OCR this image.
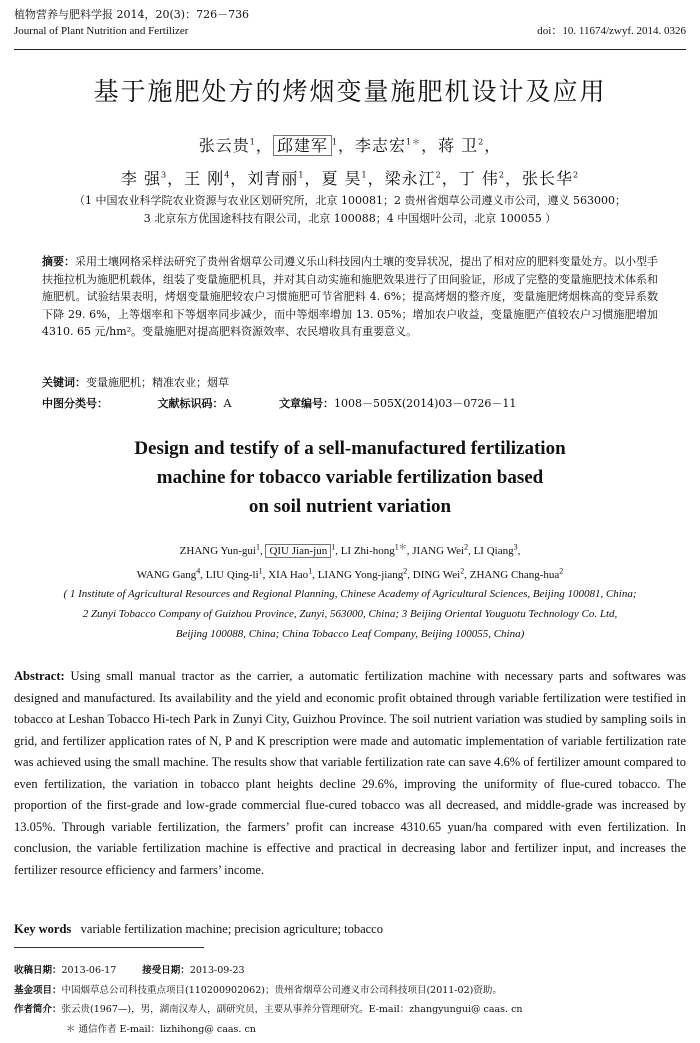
植物营养与肥料学报 2014，20(3)：726－736
Journal of Plant Nutrition and Fertilizer	doi：10. 11674/zwyf. 2014. 0326
基于施肥处方的烤烟变量施肥机设计及应用
张云贵$^1$， 邱建军 $^1$，李志宏$^{1*}$，蒋 卫$^2$，
李 强$^3$，王 刚$^4$，刘青丽$^1$，夏 昊$^1$，梁永江$^2$，丁 伟$^2$，张长华$^2$
（1 中国农业科学院农业资源与农业区划研究所，北京 100081；2 贵州省烟草公司遵义市公司，遵义 563000；
3 北京东方优国途科技有限公司，北京 100088；4 中国烟叶公司，北京 100055 ）
摘要：采用土壤网格采样法研究了贵州省烟草公司遵义乐山科技园内土壤的变异状况，提出了相对应的肥料变量处方。以小型手扶拖拉机为施肥机载体，组装了变量施肥机具，并对其自动实施和施肥效果进行了田间验证，形成了完整的变量施肥技术体系和施肥机。试验结果表明，烤烟变量施肥较农户习惯施肥可节省肥料 4. 6%；提高烤烟的整齐度，变量施肥烤烟株高的变异系数下降 29. 6%，上等烟率和下等烟率同步减少，而中等烟率增加 13. 05%；增加农户收益，变量施肥产值较农户习惯施肥增加 4310. 65 元/hm²。变量施肥对提高肥料资源效率、农民增收具有重要意义。
关键词：变量施肥机；精准农业；烟草
中图分类号：	文献标识码：A	文章编号：1008－505X(2014)03－0726－11
Design and testify of a sell-manufactured fertilization
machine for tobacco variable fertilization based
on soil nutrient variation
ZHANG Yun-gui$^1$, QIU Jian-jun $^1$, LI Zhi-hong$^{1*}$, JIANG Wei$^2$, LI Qiang$^3$,
WANG Gang$^4$, LIU Qing-$li^1$, XIA Hao$^1$, LIANG Yong-jiang$^2$, DING Wei$^2$, ZHANG Chang-hua$^2$
( 1 Institute of Agricultural Resources and Regional Planning, Chinese Academy of Agricultural Sciences, Beijing 100081, China;
2 Zunyi Tobacco Company of Guizhou Province, Zunyi, 563000, China; 3 Beijing Oriental Youguotu Technology Co. Ltd,
Beijing 100088, China; China Tobacco Leaf Company, Beijing 100055, China)
Abstract: Using small manual tractor as the carrier, a automatic fertilization machine with necessary parts and softwares was designed and manufactured. Its availability and the yield and economic profit obtained through variable fertilization were testified in tobacco at Leshan Tobacco Hi-tech Park in Zunyi City, Guizhou Province. The soil nutrient variation was studied by sampling soils in grid, and fertilizer application rates of N, P and K prescription were made and automatic implementation of variable fertilization rate was achieved using the small machine. The results show that variable fertilization rate can save 4.6% of fertilizer amount compared to even fertilization, the variation in tobacco plant heights decline 29.6%, improving the uniformity of flue-cured tobacco. The proportion of the first-grade and low-grade commercial flue-cured tobacco was all decreased, and middle-grade was increased by 13.05%. Through variable fertilization, the farmers’ profit can increase 4310.65 yuan/ha compared with even fertilization. In conclusion, the variable fertilization machine is effective and practical in decreasing labor and fertilizer input, and increases the fertilizer resource efficiency and farmers’ income.
Key words variable fertilization machine; precision agriculture; tobacco
收稿日期：2013-06-17	接受日期：2013-09-23
基金项目：中国烟草总公司科技重点项目(110200902062)；贵州省烟草公司遵义市公司科技项目(2011-02)资助。
作者简介：张云贵(1967—)，男，湖南汉寿人，副研究员，主要从事养分管理研究。E-mail：zhangyungui@ caas. cn
＊ 通信作者 E-mail：lizhihong@ caas. cn
